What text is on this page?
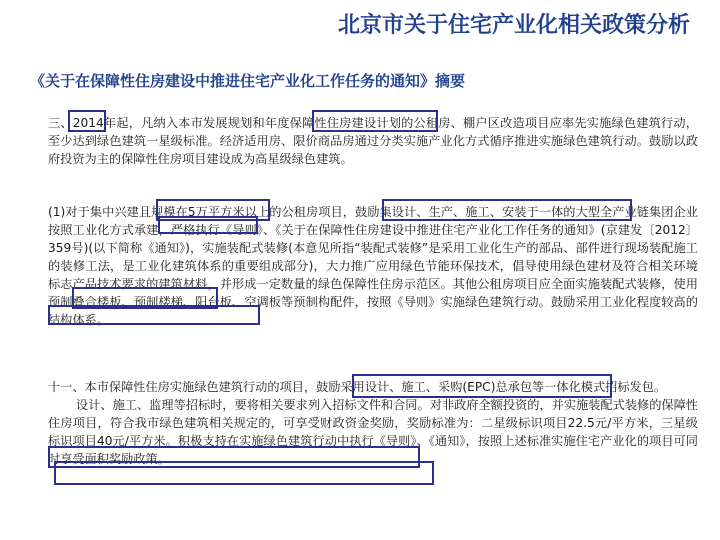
北京市关于住宅产业化相关政策分析
《关于在保障性住房建设中推进住宅产业化工作任务的通知》摘要

三、2014年起，凡纳入本市发展规划和年度保障性住房建设计划的公租房、棚户区改造项目应率先实施绿色建筑行动，至少达到绿色建筑一星级标准。经济适用房、限价商品房通过分类实施产业化方式循序推进实施绿色建筑行动。鼓励以政府投资为主的保障性住房项目建设成为高星级绿色建筑。

(1)对于集中兴建且规模在5万平方米以上的公租房项目，鼓励集设计、生产、施工、安装于一体的大型全产业链集团企业按照工业化方式承建，严格执行《导则》、《关于在保障性住房建设中推进住宅产业化工作任务的通知》(京建发〔2012〕359号)(以下简称《通知》)，实施装配式装修(本意见所指“装配式装修”是采用工业化生产的部品、部件进行现场装配施工的装修工法，是工业化建筑体系的重要组成部分)，大力推广应用绿色节能环保技术，倡导使用绿色建材及符合相关环境标志产品技术要求的建筑材料，并形成一定数量的绿色保障性住房示范区。其他公租房项目应全面实施装配式装修，使用预制叠合楼板、预制楼梯、阳台板、空调板等预制构配件，按照《导则》实施绿色建筑行动。鼓励采用工业化程度较高的结构体系。

十一、本市保障性住房实施绿色建筑行动的项目，鼓励采用设计、施工、采购(EPC)总承包等一体化模式招标发包。

设计、施工、监理等招标时，要将相关要求列入招标文件和合同。对非政府全额投资的，并实施装配式装修的保障性住房项目，符合我市绿色建筑相关规定的，可享受财政资金奖励，奖励标准为：二星级标识项目22.5元/平方米，三星级标识项目40元/平方米。积极支持在实施绿色建筑行动中执行《导则》、《通知》，按照上述标准实施住宅产业化的项目可同时享受面积奖励政策。
